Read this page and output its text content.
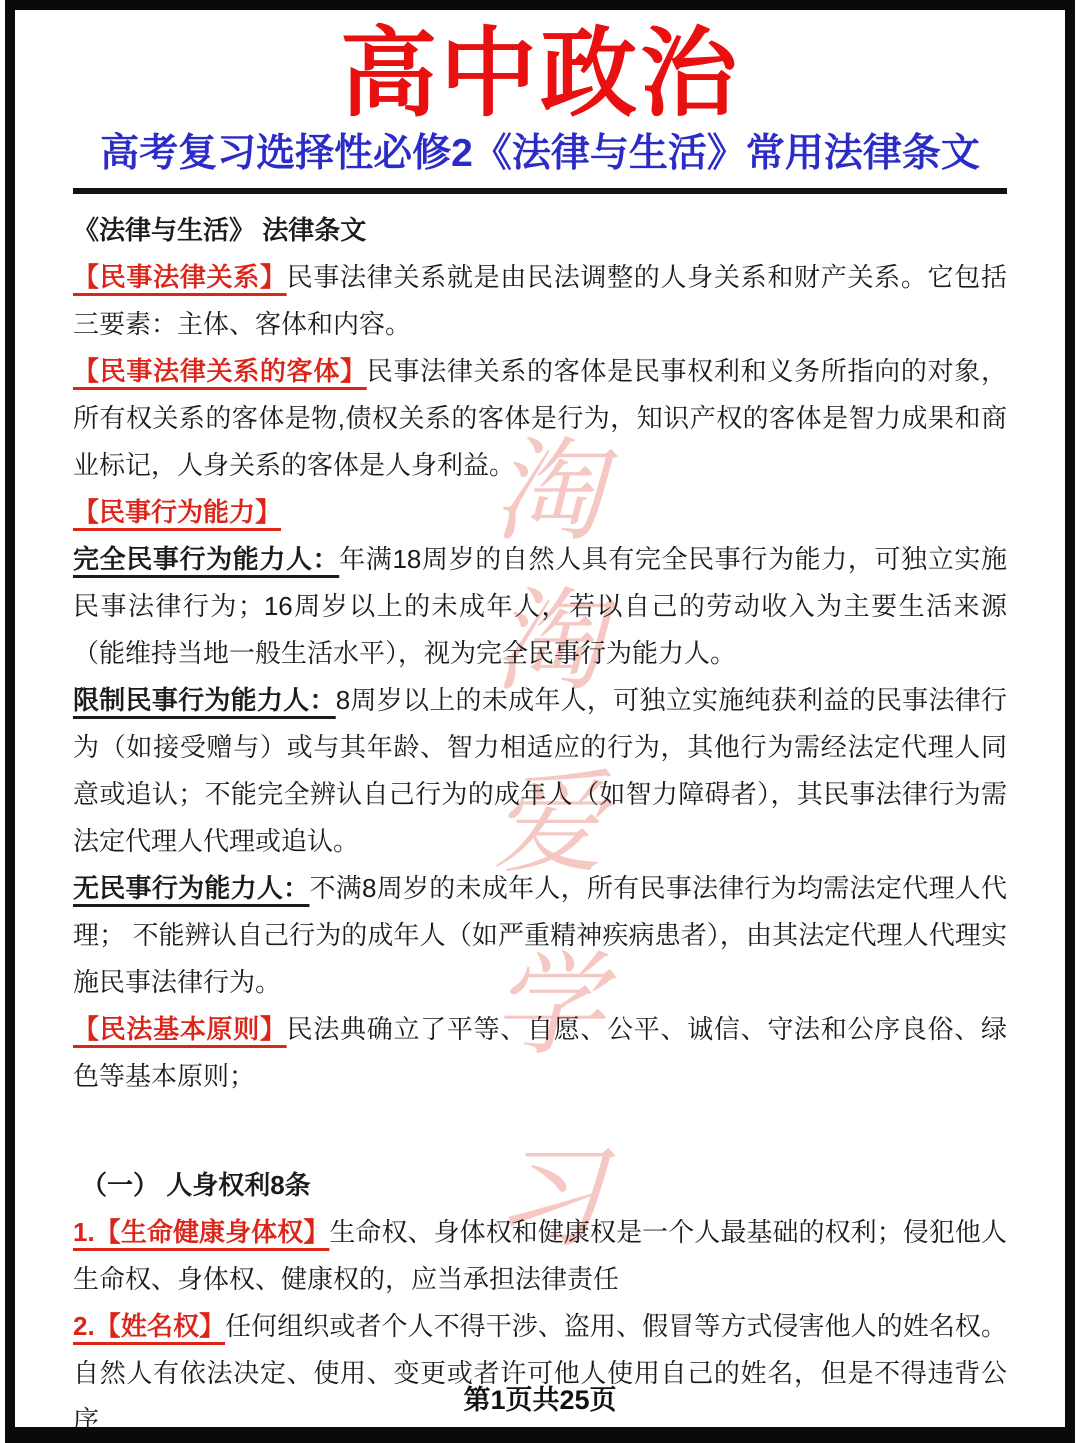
淘
淘
爱
学
习
高中政治
高考复习选择性必修2《法律与生活》常用法律条文

《法律与生活》 法律条文

【民事法律关系】民事法律关系就是由民法调整的人身关系和财产关系。它包括三要素：主体、客体和内容。

【民事法律关系的客体】民事法律关系的客体是民事权利和义务所指向的对象，所有权关系的客体是物,债权关系的客体是行为，知识产权的客体是智力成果和商业标记，人身关系的客体是人身利益。

【民事行为能力】

完全民事行为能力人：年满18周岁的自然人具有完全民事行为能力，可独立实施民事法律行为；16周岁以上的未成年人，若以自己的劳动收入为主要生活来源（能维持当地一般生活水平），视为完全民事行为能力人。

限制民事行为能力人：8周岁以上的未成年人，可独立实施纯获利益的民事法律行为（如接受赠与）或与其年龄、智力相适应的行为，其他行为需经法定代理人同意或追认；不能完全辨认自己行为的成年人（如智力障碍者），其民事法律行为需法定代理人代理或追认。

无民事行为能力人：不满8周岁的未成年人，所有民事法律行为均需法定代理人代理； 不能辨认自己行为的成年人（如严重精神疾病患者），由其法定代理人代理实施民事法律行为。

【民法基本原则】民法典确立了平等、自愿、公平、诚信、守法和公序良俗、绿色等基本原则；

（一） 人身权利8条

1.【生命健康身体权】生命权、身体权和健康权是一个人最基础的权利；侵犯他人生命权、身体权、健康权的，应当承担法律责任

2.【姓名权】任何组织或者个人不得干涉、盗用、假冒等方式侵害他人的姓名权。自然人有依法决定、使用、变更或者许可他人使用自己的姓名，但是不得违背公序

第1页共25页
